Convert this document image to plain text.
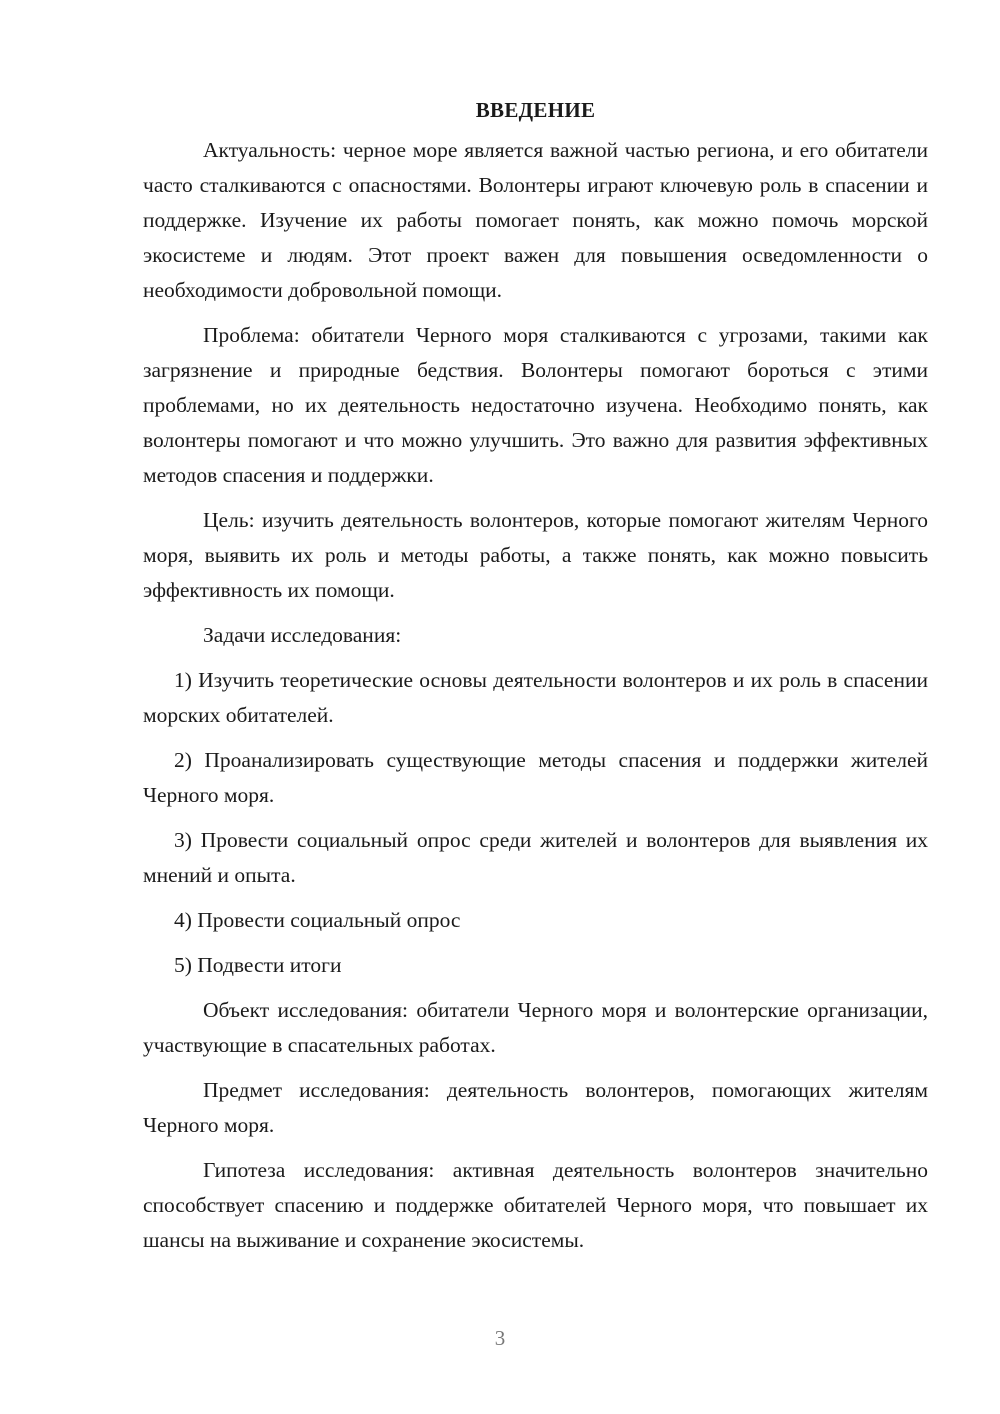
ВВЕДЕНИЕ

Актуальность: черное море является важной частью региона, и его обитатели часто сталкиваются с опасностями. Волонтеры играют ключевую роль в спасении и поддержке. Изучение их работы помогает понять, как можно помочь морской экосистеме и людям. Этот проект важен для повышения осведомленности о необходимости добровольной помощи.

Проблема: обитатели Черного моря сталкиваются с угрозами, такими как загрязнение и природные бедствия. Волонтеры помогают бороться с этими проблемами, но их деятельность недостаточно изучена. Необходимо понять, как волонтеры помогают и что можно улучшить. Это важно для развития эффективных методов спасения и поддержки.

Цель: изучить деятельность волонтеров, которые помогают жителям Черного моря, выявить их роль и методы работы, а также понять, как можно повысить эффективность их помощи.

Задачи исследования:

1) Изучить теоретические основы деятельности волонтеров и их роль в спасении морских обитателей.

2) Проанализировать существующие методы спасения и поддержки жителей Черного моря.

3) Провести социальный опрос среди жителей и волонтеров для выявления их мнений и опыта.

4) Провести социальный опрос

5) Подвести итоги

Объект исследования: обитатели Черного моря и волонтерские организации, участвующие в спасательных работах.

Предмет исследования: деятельность волонтеров, помогающих жителям Черного моря.

Гипотеза исследования: активная деятельность волонтеров значительно способствует спасению и поддержке обитателей Черного моря, что повышает их шансы на выживание и сохранение экосистемы.

3
